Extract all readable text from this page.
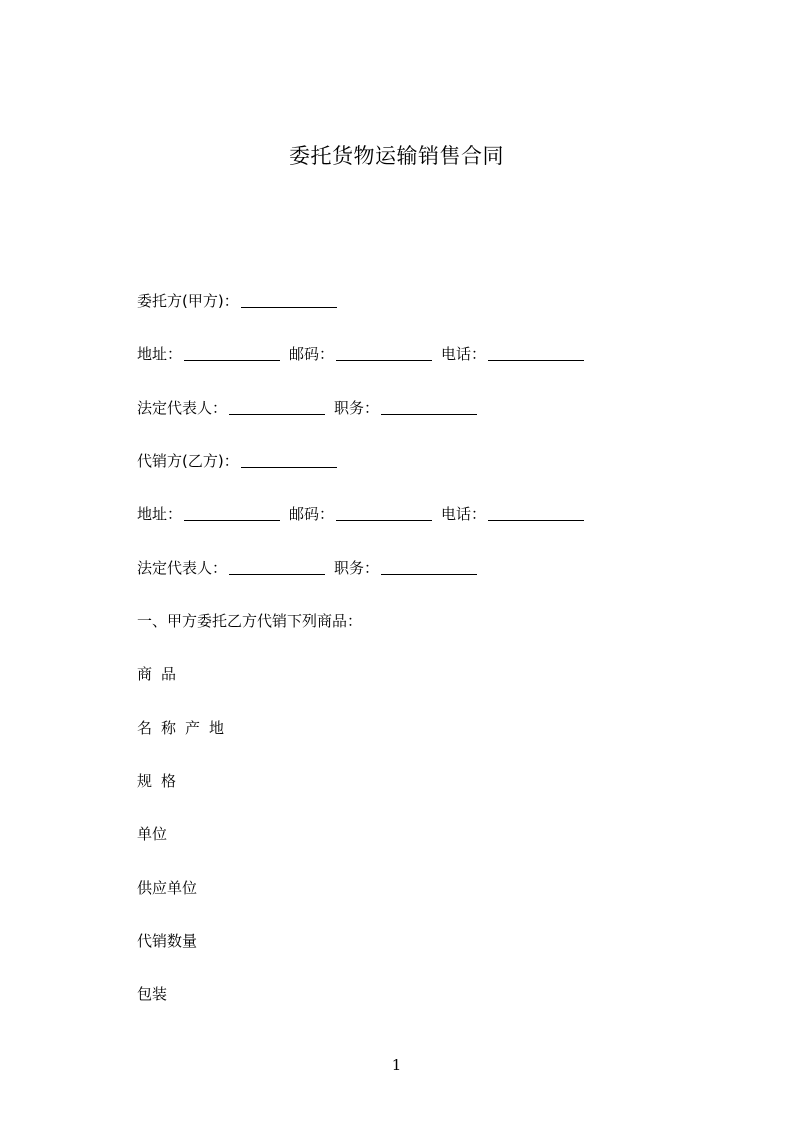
委托货物运输销售合同
委托方(甲方)：
地址：	邮码：	电话：
法定代表人：	职务：
代销方(乙方)：
地址：	邮码：	电话：
法定代表人：	职务：
一、甲方委托乙方代销下列商品：
商品
名称产地
规格
单位
供应单位
代销数量
包装
1
